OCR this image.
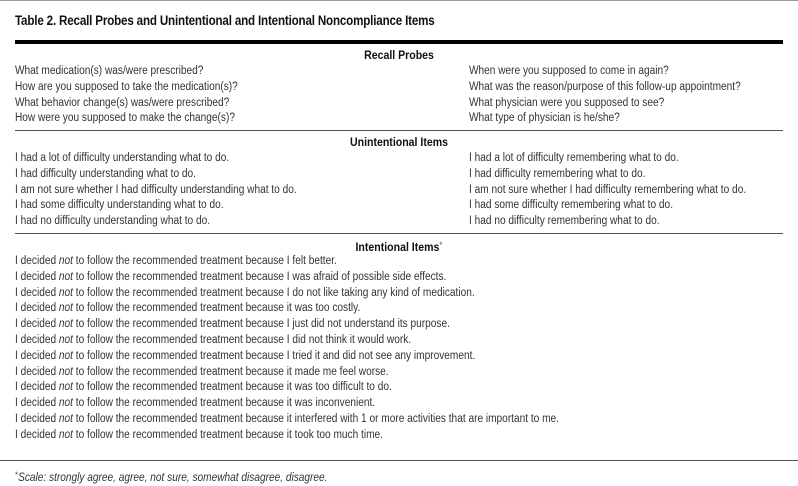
Table 2. Recall Probes and Unintentional and Intentional Noncompliance Items
Recall Probes
What medication(s) was/were prescribed?
How are you supposed to take the medication(s)?
What behavior change(s) was/were prescribed?
How were you supposed to make the change(s)?
When were you supposed to come in again?
What was the reason/purpose of this follow-up appointment?
What physician were you supposed to see?
What type of physician is he/she?
Unintentional Items
I had a lot of difficulty understanding what to do.
I had difficulty understanding what to do.
I am not sure whether I had difficulty understanding what to do.
I had some difficulty understanding what to do.
I had no difficulty understanding what to do.
I had a lot of difficulty remembering what to do.
I had difficulty remembering what to do.
I am not sure whether I had difficulty remembering what to do.
I had some difficulty remembering what to do.
I had no difficulty remembering what to do.
Intentional Items*
I decided not to follow the recommended treatment because I felt better.
I decided not to follow the recommended treatment because I was afraid of possible side effects.
I decided not to follow the recommended treatment because I do not like taking any kind of medication.
I decided not to follow the recommended treatment because it was too costly.
I decided not to follow the recommended treatment because I just did not understand its purpose.
I decided not to follow the recommended treatment because I did not think it would work.
I decided not to follow the recommended treatment because I tried it and did not see any improvement.
I decided not to follow the recommended treatment because it made me feel worse.
I decided not to follow the recommended treatment because it was too difficult to do.
I decided not to follow the recommended treatment because it was inconvenient.
I decided not to follow the recommended treatment because it interfered with 1 or more activities that are important to me.
I decided not to follow the recommended treatment because it took too much time.
*Scale: strongly agree, agree, not sure, somewhat disagree, disagree.
